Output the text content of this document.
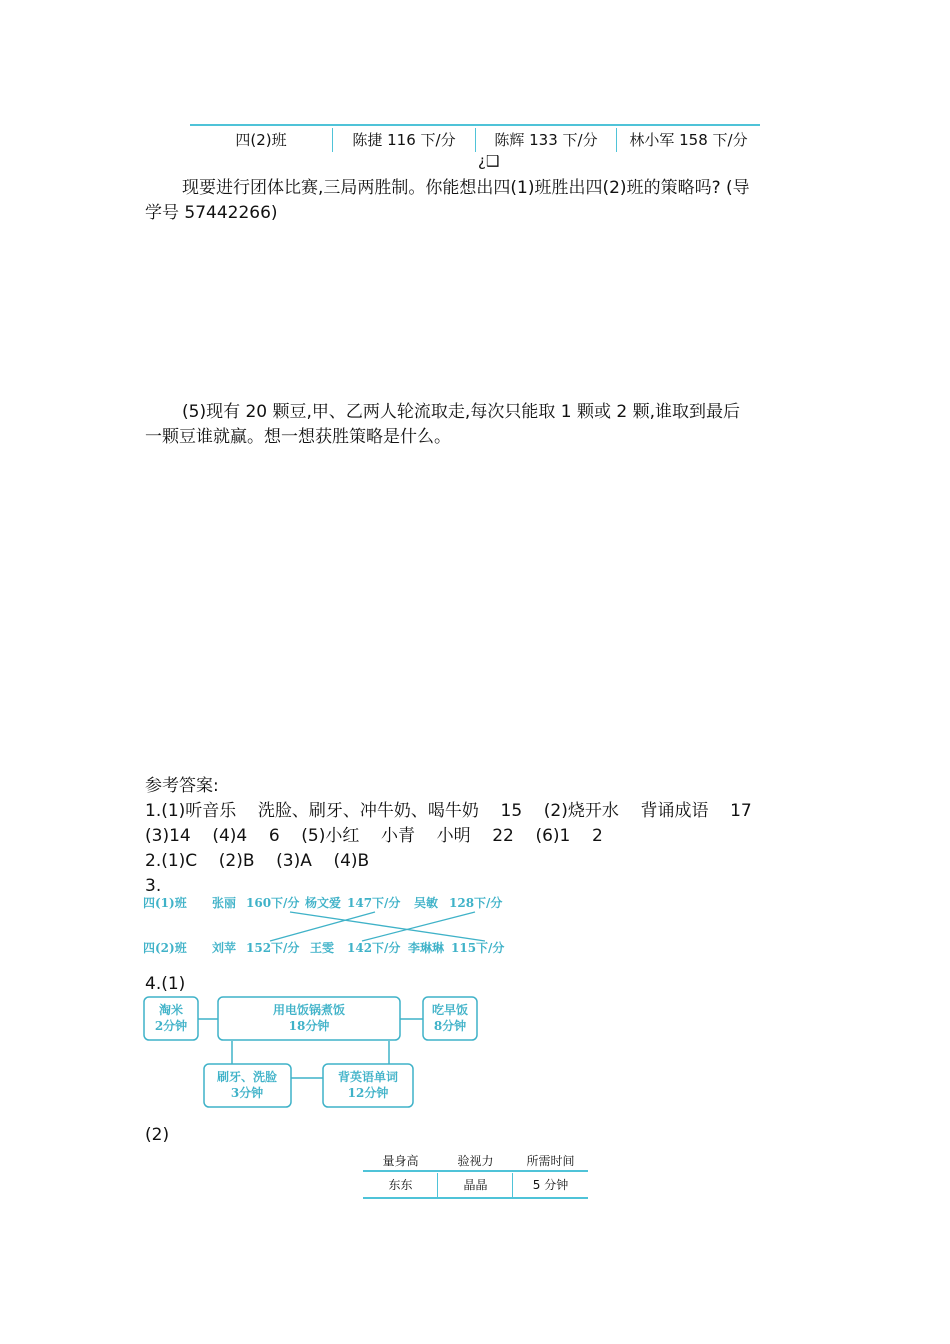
四(2)班	陈捷 116 下/分	陈辉 133 下/分	林小军 158 下/分
¿❑
现要进行团体比赛,三局两胜制。你能想出四(1)班胜出四(2)班的策略吗? (导
学号 57442266)
(5)现有 20 颗豆,甲、乙两人轮流取走,每次只能取 1 颗或 2 颗,谁取到最后
一颗豆谁就赢。想一想获胜策略是什么。
参考答案:
1.(1)听音乐    洗脸、刷牙、冲牛奶、喝牛奶    15    (2)烧开水    背诵成语    17
(3)14    (4)4    6    (5)小红    小青    小明    22    (6)1    2
2.(1)C    (2)B    (3)A    (4)B
3.
四(1)班 张丽 160下/分 杨文爱 147下/分 吴敏 128下/分
四(2)班 刘苹 152下/分 王雯 142下/分 李琳琳 115下/分
4.(1)
淘米
2分钟
用电饭锅煮饭
18分钟
吃早饭
8分钟
刷牙、洗脸
3分钟
背英语单词
12分钟
(2)
量身高	验视力	所需时间
东东	晶晶	5 分钟
